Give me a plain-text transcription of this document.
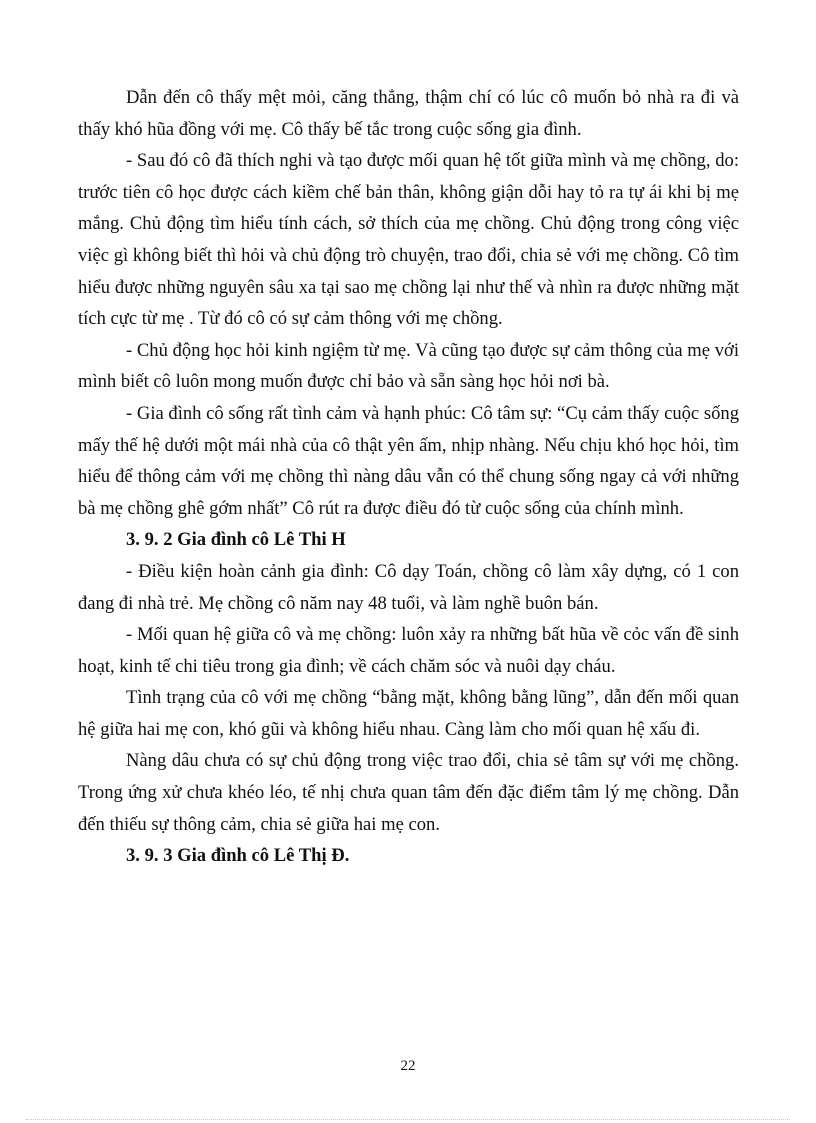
Dẫn đến cô thấy mệt mỏi, căng thẳng, thậm chí có lúc cô muốn bỏ nhà ra đi và thấy khó hũa đồng với mẹ. Cô thấy bế tắc trong cuộc sống gia đình.

- Sau đó cô đã thích nghi và tạo được mối quan hệ tốt giữa mình và mẹ chồng, do: trước tiên cô học được cách kiềm chế bản thân, không giận dỗi hay tỏ ra tự ái khi bị mẹ mắng. Chủ động tìm hiểu tính cách, sở thích của mẹ chồng. Chủ động trong công việc việc gì không biết thì hỏi và chủ động trò chuyện, trao đổi, chia sẻ với mẹ chồng. Cô tìm hiểu được những nguyên sâu xa tại sao mẹ chồng lại như thế và nhìn ra được những mặt tích cực từ mẹ . Từ đó cô có sự cảm thông với mẹ chồng.

- Chủ động học hỏi kinh ngiệm từ mẹ. Và cũng tạo được sự cảm thông của mẹ với mình biết cô luôn mong muốn được chỉ bảo và sẵn sàng học hỏi nơi bà.

- Gia đình cô sống rất tình cảm và hạnh phúc: Cô tâm sự: “Cụ cảm thấy cuộc sống mấy thế hệ dưới một mái nhà của cô thật yên ấm, nhịp nhàng. Nếu chịu khó học hỏi, tìm hiểu để thông cảm với mẹ chồng thì nàng dâu vẫn có thể chung sống ngay cả với những bà mẹ chồng ghê gớm nhất” Cô rút ra được điều đó từ cuộc sống của chính mình.

3. 9. 2 Gia đình cô Lê Thi H

- Điều kiện hoàn cảnh gia đình: Cô dạy Toán, chồng cô làm xây dựng, có 1 con đang đi nhà trẻ. Mẹ chồng cô năm nay 48 tuổi, và làm nghề buôn bán.

- Mối quan hệ giữa cô và mẹ chồng: luôn xảy ra những bất hũa về cỏc vấn đề sinh hoạt, kinh tế chi tiêu trong gia đình; về cách chăm sóc và nuôi dạy cháu.

Tình trạng của cô với mẹ chồng “bằng mặt, không bằng lũng”, dẫn đến mối quan hệ giữa hai mẹ con, khó gũi và không hiểu nhau. Càng làm cho mối quan hệ xấu đi.

Nàng dâu chưa có sự chủ động trong việc trao đổi, chia sẻ tâm sự với mẹ chồng. Trong ứng xử chưa khéo léo, tế nhị chưa quan tâm đến đặc điểm tâm lý mẹ chồng. Dẫn đến thiếu sự thông cảm, chia sẻ giữa hai mẹ con.

3. 9. 3 Gia đình cô Lê Thị Đ.

22
